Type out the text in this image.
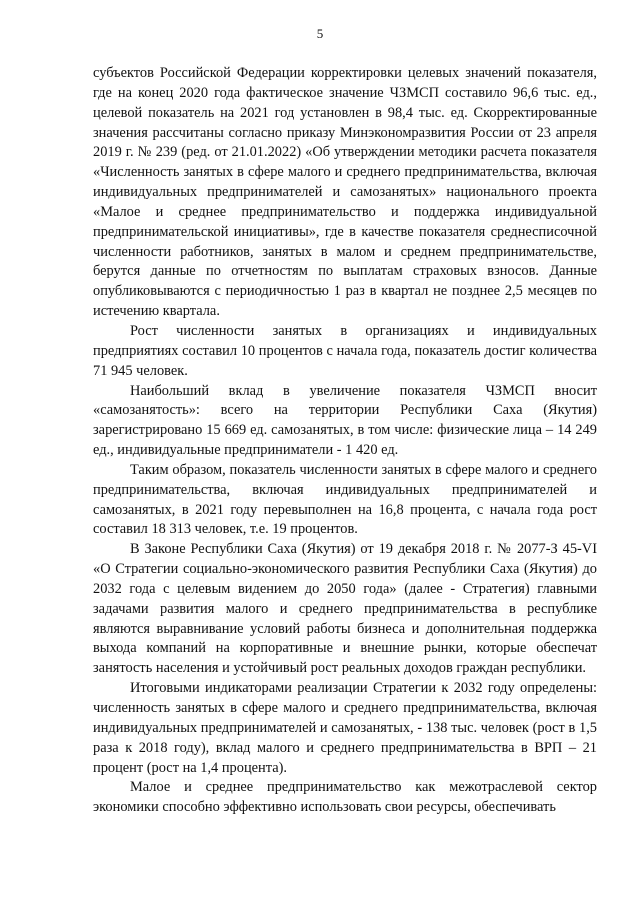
5

субъектов Российской Федерации корректировки целевых значений показателя, где на конец 2020 года фактическое значение ЧЗМСП составило 96,6 тыс. ед., целевой показатель на 2021 год установлен в 98,4 тыс. ед. Скорректированные значения рассчитаны согласно приказу Минэкономразвития России от 23 апреля 2019 г. № 239 (ред. от 21.01.2022) «Об утверждении методики расчета показателя «Численность занятых в сфере малого и среднего предпринимательства, включая индивидуальных предпринимателей и самозанятых» национального проекта «Малое и среднее предпринимательство и поддержка индивидуальной предпринимательской инициативы», где в качестве показателя среднесписочной численности работников, занятых в малом и среднем предпринимательстве, берутся данные по отчетностям по выплатам страховых взносов. Данные опубликовываются с периодичностью 1 раз в квартал не позднее 2,5 месяцев по истечению квартала.

Рост численности занятых в организациях и индивидуальных предприятиях составил 10 процентов с начала года, показатель достиг количества 71 945 человек.

Наибольший вклад в увеличение показателя ЧЗМСП вносит «самозанятость»: всего на территории Республики Саха (Якутия) зарегистрировано 15 669 ед. самозанятых, в том числе: физические лица – 14 249 ед., индивидуальные предприниматели - 1 420 ед.

Таким образом, показатель численности занятых в сфере малого и среднего предпринимательства, включая индивидуальных предпринимателей и самозанятых, в 2021 году перевыполнен на 16,8 процента, с начала года рост составил 18 313 человек, т.е. 19 процентов.

В Законе Республики Саха (Якутия) от 19 декабря 2018 г. № 2077-З 45-VI «О Стратегии социально-экономического развития Республики Саха (Якутия) до 2032 года с целевым видением до 2050 года» (далее - Стратегия) главными задачами развития малого и среднего предпринимательства в республике являются выравнивание условий работы бизнеса и дополнительная поддержка выхода компаний на корпоративные и внешние рынки, которые обеспечат занятость населения и устойчивый рост реальных доходов граждан республики.

Итоговыми индикаторами реализации Стратегии к 2032 году определены: численность занятых в сфере малого и среднего предпринимательства, включая индивидуальных предпринимателей и самозанятых, - 138 тыс. человек (рост в 1,5 раза к 2018 году), вклад малого и среднего предпринимательства в ВРП – 21 процент (рост на 1,4 процента).

Малое и среднее предпринимательство как межотраслевой сектор экономики способно эффективно использовать свои ресурсы, обеспечивать
